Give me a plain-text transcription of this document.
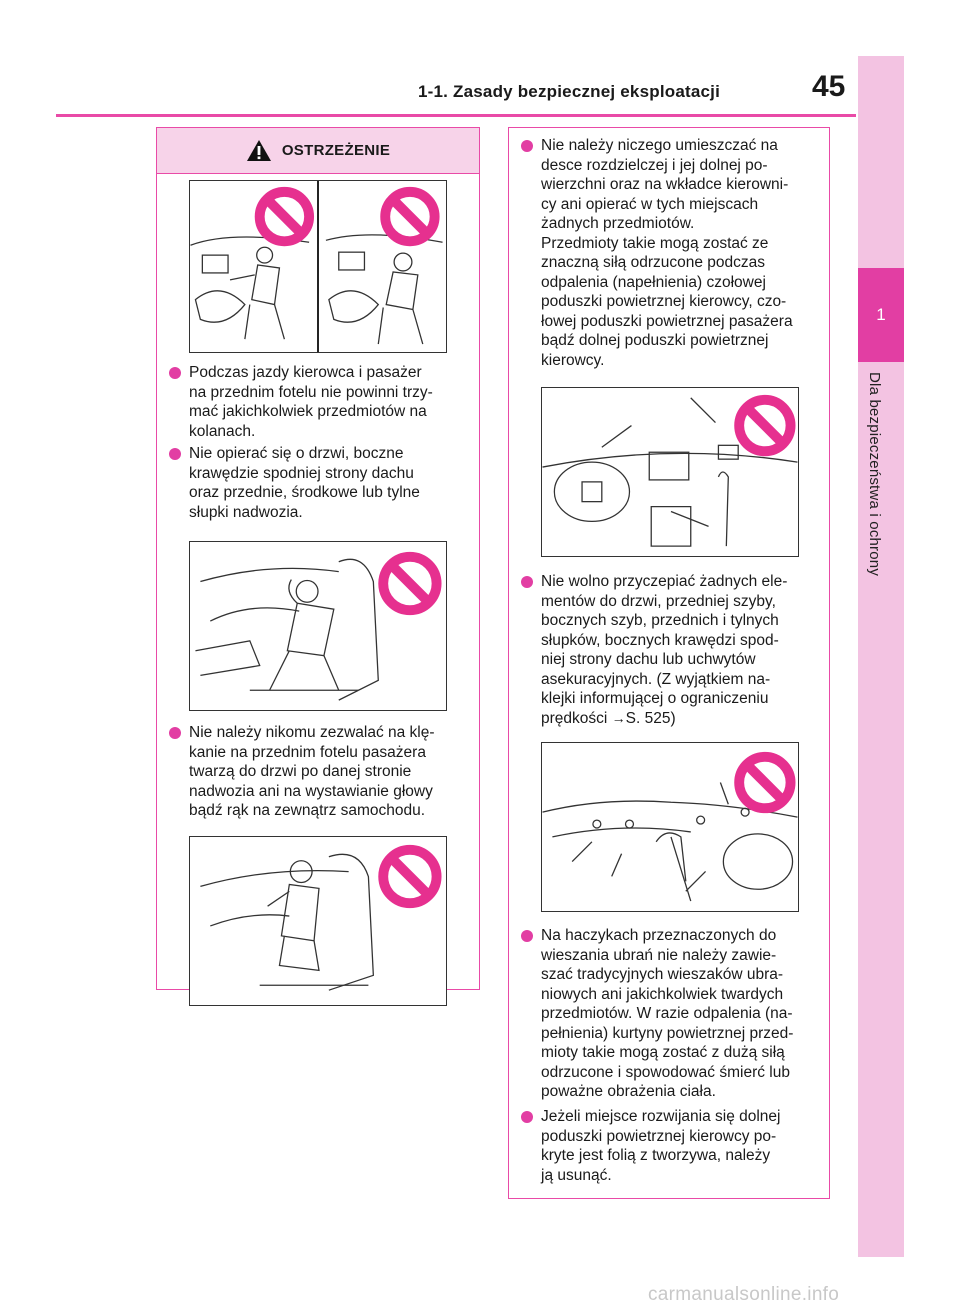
1-1. Zasady bezpiecznej eksploatacji	45
1
Dla bezpieczeństwa i ochrony
OSTRZEŻENIE
Podczas jazdy kierowca i pasażer
na przednim fotelu nie powinni trzy-
mać jakichkolwiek przedmiotów na
kolanach.
Nie opierać się o drzwi, boczne
krawędzie spodniej strony dachu
oraz przednie, środkowe lub tylne
słupki nadwozia.
Nie należy nikomu zezwalać na klę-
kanie na przednim fotelu pasażera
twarzą do drzwi po danej stronie
nadwozia ani na wystawianie głowy
bądź rąk na zewnątrz samochodu.
Nie należy niczego umieszczać na
desce rozdzielczej i jej dolnej po-
wierzchni oraz na wkładce kierowni-
cy ani opierać w tych miejscach
żadnych przedmiotów.
Przedmioty takie mogą zostać ze
znaczną siłą odrzucone podczas
odpalenia (napełnienia) czołowej
poduszki powietrznej kierowcy, czo-
łowej poduszki powietrznej pasażera
bądź dolnej poduszki powietrznej
kierowcy.
Nie wolno przyczepiać żadnych ele-
mentów do drzwi, przedniej szyby,
bocznych szyb, przednich i tylnych
słupków, bocznych krawędzi spod-
niej strony dachu lub uchwytów
asekuracyjnych. (Z wyjątkiem na-
klejki informującej o ograniczeniu
prędkości →S. 525)
Na haczykach przeznaczonych do
wieszania ubrań nie należy zawie-
szać tradycyjnych wieszaków ubra-
niowych ani jakichkolwiek twardych
przedmiotów. W razie odpalenia (na-
pełnienia) kurtyny powietrznej przed-
mioty takie mogą zostać z dużą siłą
odrzucone i spowodować śmierć lub
poważne obrażenia ciała.
Jeżeli miejsce rozwijania się dolnej
poduszki powietrznej kierowcy po-
kryte jest folią z tworzywa, należy
ją usunąć.
carmanualsonline.info
